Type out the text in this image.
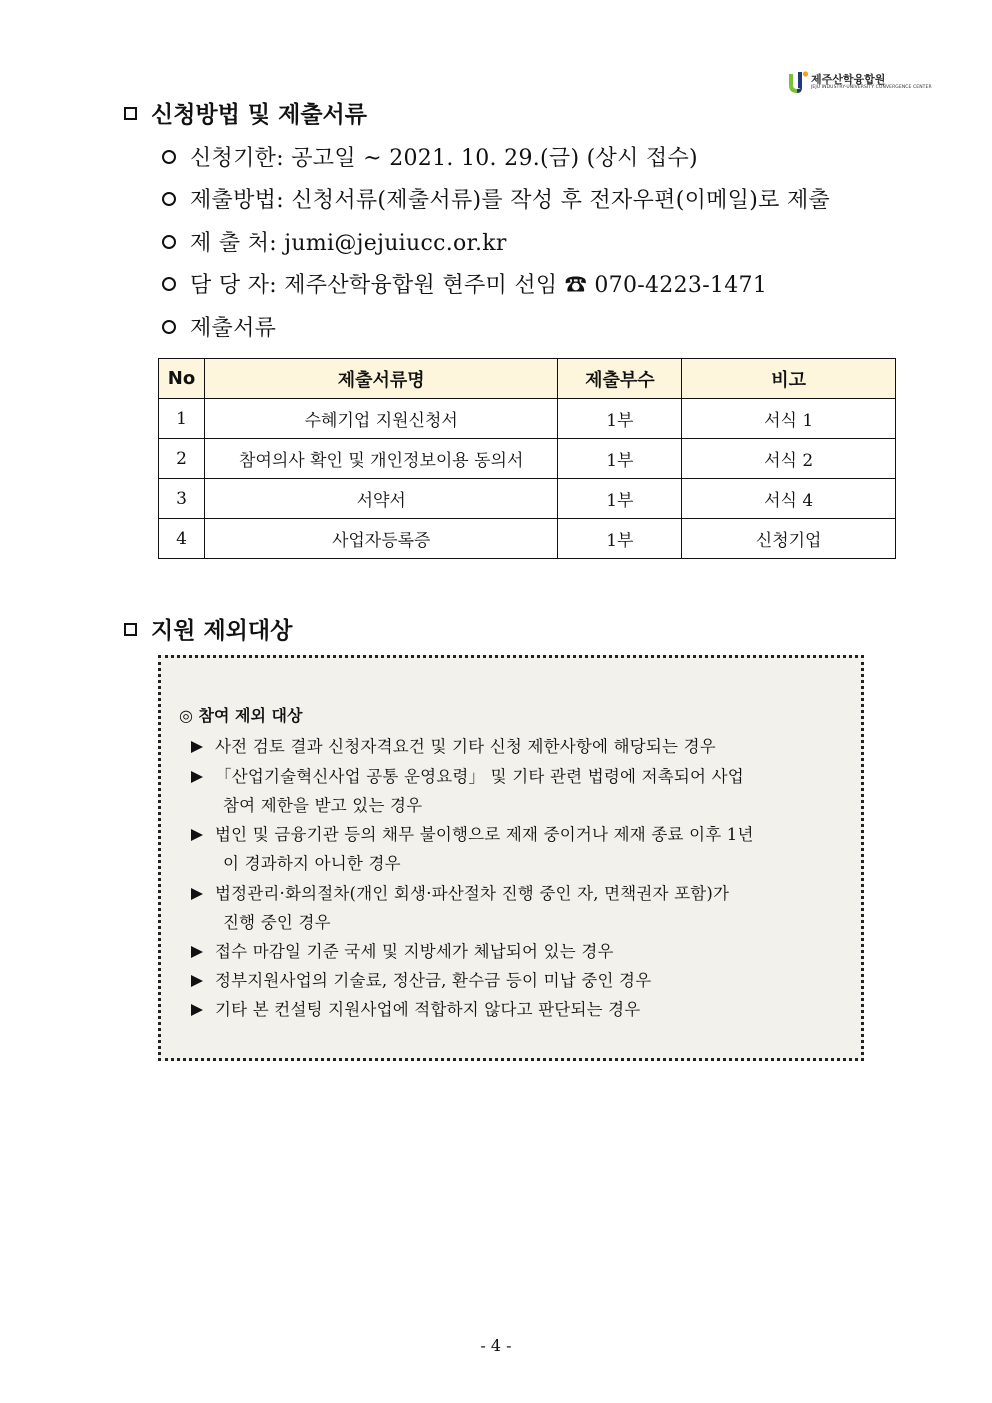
제주산학융합원
JEJU INDUSTRY-UNIVERSITY CONVERGENCE CENTER
신청방법 및 제출서류
신청기한: 공고일 ~ 2021. 10. 29.(금) (상시 접수)
제출방법: 신청서류(제출서류)를 작성 후 전자우편(이메일)로 제출
제 출 처: jumi@jejuiucc.or.kr
담 당 자: 제주산학융합원 현주미 선임 ☎ 070-4223-1471
제출서류
No	제출서류명	제출부수	비고
1	수혜기업 지원신청서	1부	서식 1
2	참여의사 확인 및 개인정보이용 동의서	1부	서식 2
3	서약서	1부	서식 4
4	사업자등록증	1부	신청기업
지원 제외대상
◎ 참여 제외 대상
사전 검토 결과 신청자격요건 및 기타 신청 제한사항에 해당되는 경우
「산업기술혁신사업 공통 운영요령」 및 기타 관련 법령에 저촉되어 사업
참여 제한을 받고 있는 경우
법인 및 금융기관 등의 채무 불이행으로 제재 중이거나 제재 종료 이후 1년
이 경과하지 아니한 경우
법정관리·화의절차(개인 회생·파산절차 진행 중인 자, 면책권자 포함)가
진행 중인 경우
접수 마감일 기준 국세 및 지방세가 체납되어 있는 경우
정부지원사업의 기술료, 정산금, 환수금 등이 미납 중인 경우
기타 본 컨설팅 지원사업에 적합하지 않다고 판단되는 경우
- 4 -
